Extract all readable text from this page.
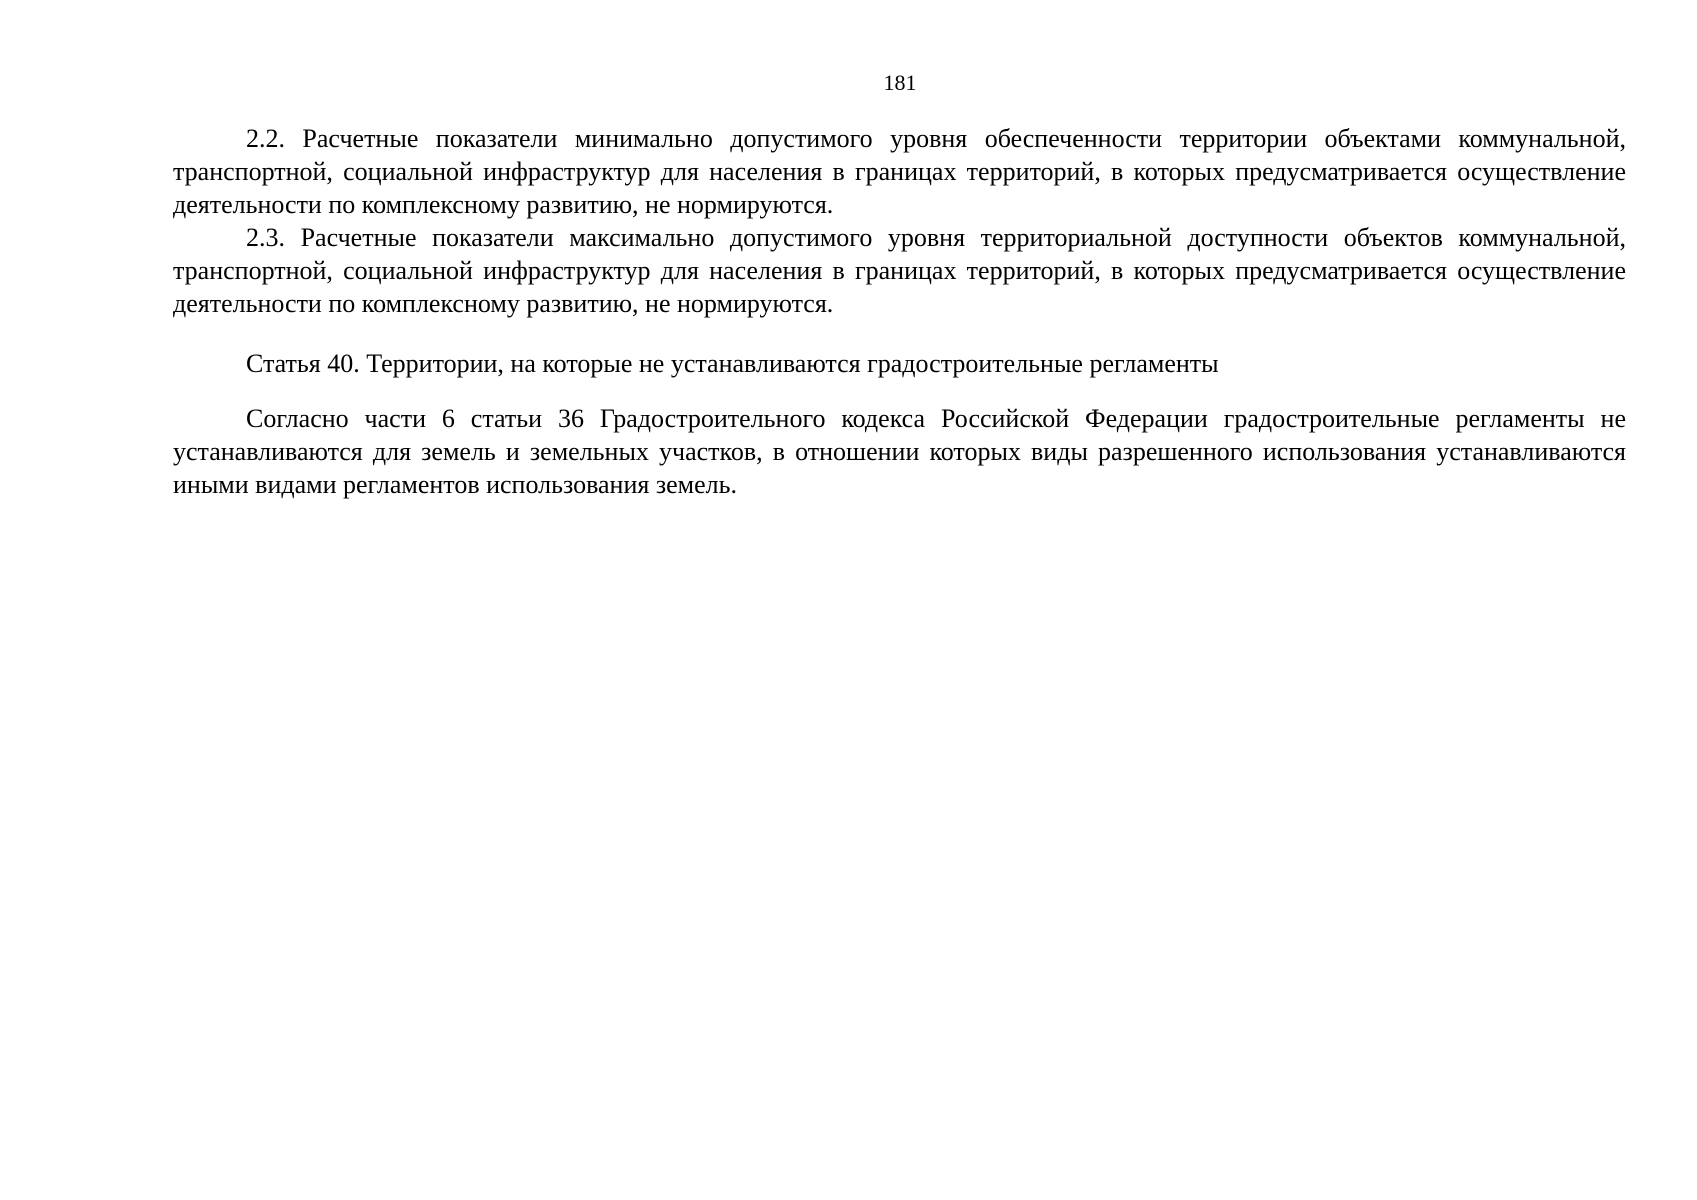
181

2.2. Расчетные показатели минимально допустимого уровня обеспеченности территории объектами коммунальной, транспортной, социальной инфраструктур для населения в границах территорий, в которых предусматривается осуществление деятельности по комплексному развитию, не нормируются.

2.3. Расчетные показатели максимально допустимого уровня территориальной доступности объектов коммунальной, транспортной, социальной инфраструктур для населения в границах территорий, в которых предусматривается осуществление деятельности по комплексному развитию, не нормируются.

Статья 40. Территории, на которые не устанавливаются градостроительные регламенты

Согласно части 6 статьи 36 Градостроительного кодекса Российской Федерации градостроительные регламенты не устанавливаются для земель и земельных участков, в отношении которых виды разрешенного использования устанавливаются иными видами регламентов использования земель.
